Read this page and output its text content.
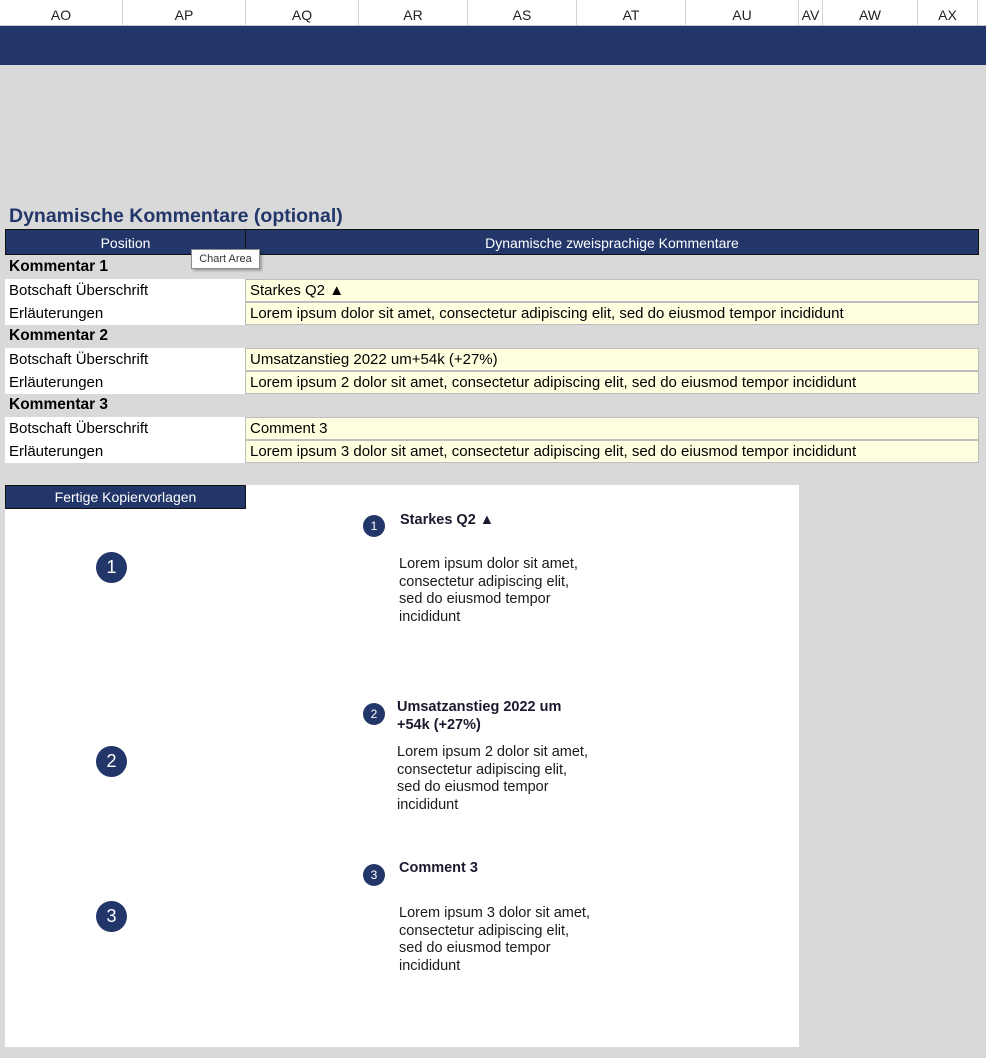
AO	AP	AQ	AR	AS	AT	AU	AV	AW	AX
Dynamische Kommentare (optional)
Position	Dynamische zweisprachige Kommentare
Chart Area
Kommentar 1
Botschaft Überschrift	Starkes Q2 ▲
Erläuterungen	Lorem ipsum dolor sit amet, consectetur adipiscing elit, sed do eiusmod tempor incididunt
Kommentar 2
Botschaft Überschrift	Umsatzanstieg 2022 um+54k (+27%)
Erläuterungen	Lorem ipsum 2 dolor sit amet, consectetur adipiscing elit, sed do eiusmod tempor incididunt
Kommentar 3
Botschaft Überschrift	Comment 3
Erläuterungen	Lorem ipsum 3 dolor sit amet, consectetur adipiscing elit, sed do eiusmod tempor incididunt
Fertige Kopiervorlagen
1
2
3
1	Starkes Q2 ▲
Lorem ipsum dolor sit amet,
consectetur adipiscing elit,
sed do eiusmod tempor
incididunt
2	Umsatzanstieg 2022 um
+54k (+27%)
Lorem ipsum 2 dolor sit amet,
consectetur adipiscing elit,
sed do eiusmod tempor
incididunt
3	Comment 3
Lorem ipsum 3 dolor sit amet,
consectetur adipiscing elit,
sed do eiusmod tempor
incididunt
